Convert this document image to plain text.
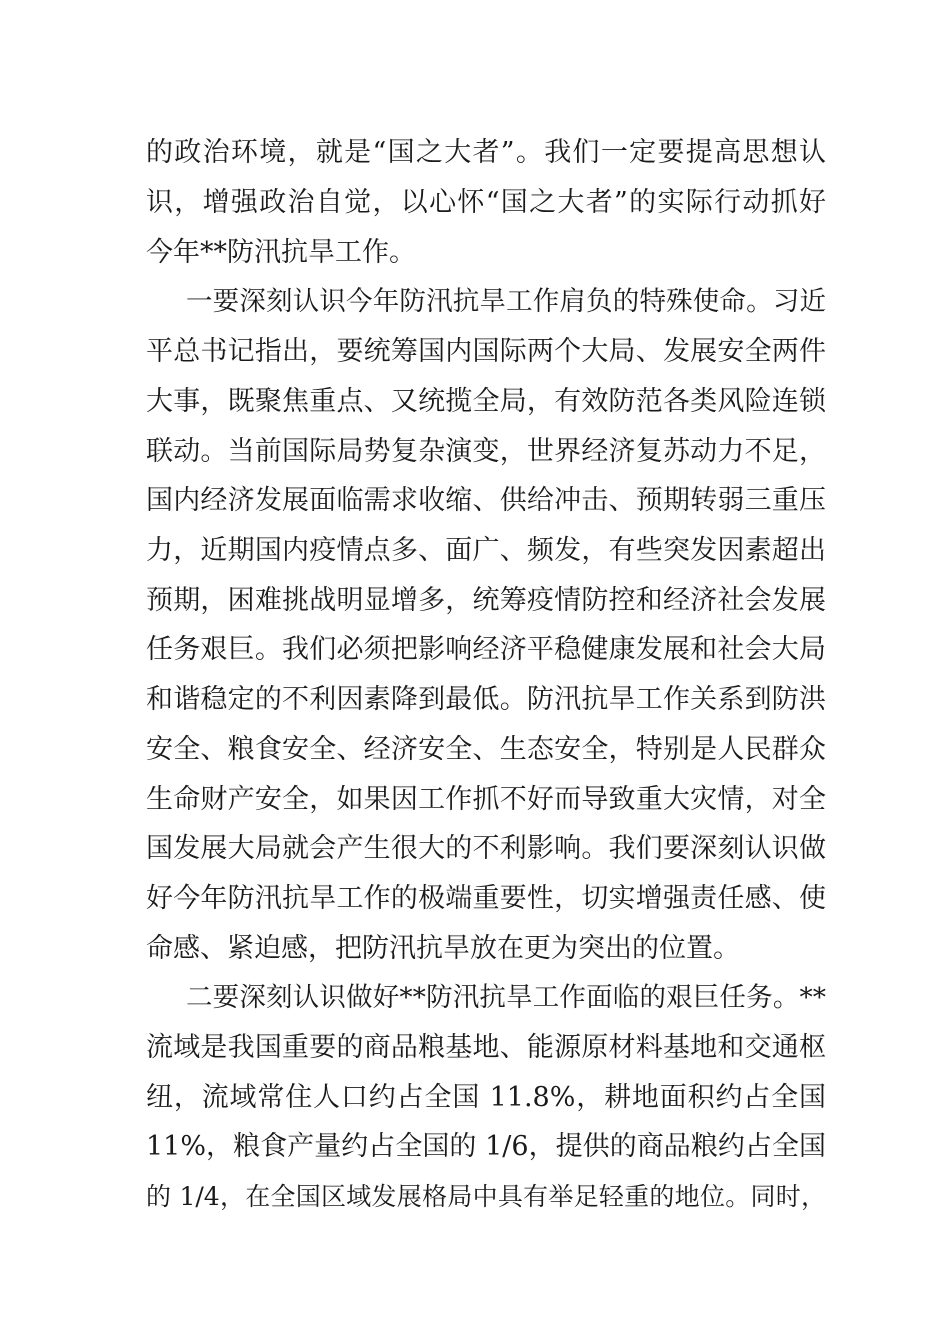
的政治环境，就是“国之大者”。我们一定要提高思想认
识，增强政治自觉，以心怀“国之大者”的实际行动抓好
今年**防汛抗旱工作。
一要深刻认识今年防汛抗旱工作肩负的特殊使命。习近
平总书记指出，要统筹国内国际两个大局、发展安全两件
大事，既聚焦重点、又统揽全局，有效防范各类风险连锁
联动。当前国际局势复杂演变，世界经济复苏动力不足，
国内经济发展面临需求收缩、供给冲击、预期转弱三重压
力，近期国内疫情点多、面广、频发，有些突发因素超出
预期，困难挑战明显增多，统筹疫情防控和经济社会发展
任务艰巨。我们必须把影响经济平稳健康发展和社会大局
和谐稳定的不利因素降到最低。防汛抗旱工作关系到防洪
安全、粮食安全、经济安全、生态安全，特别是人民群众
生命财产安全，如果因工作抓不好而导致重大灾情，对全
国发展大局就会产生很大的不利影响。我们要深刻认识做
好今年防汛抗旱工作的极端重要性，切实增强责任感、使
命感、紧迫感，把防汛抗旱放在更为突出的位置。
二要深刻认识做好**防汛抗旱工作面临的艰巨任务。**
流域是我国重要的商品粮基地、能源原材料基地和交通枢
纽，流域常住人口约占全国 11.8%，耕地面积约占全国
11%，粮食产量约占全国的 1/6，提供的商品粮约占全国
的 1/4，在全国区域发展格局中具有举足轻重的地位。同时，
